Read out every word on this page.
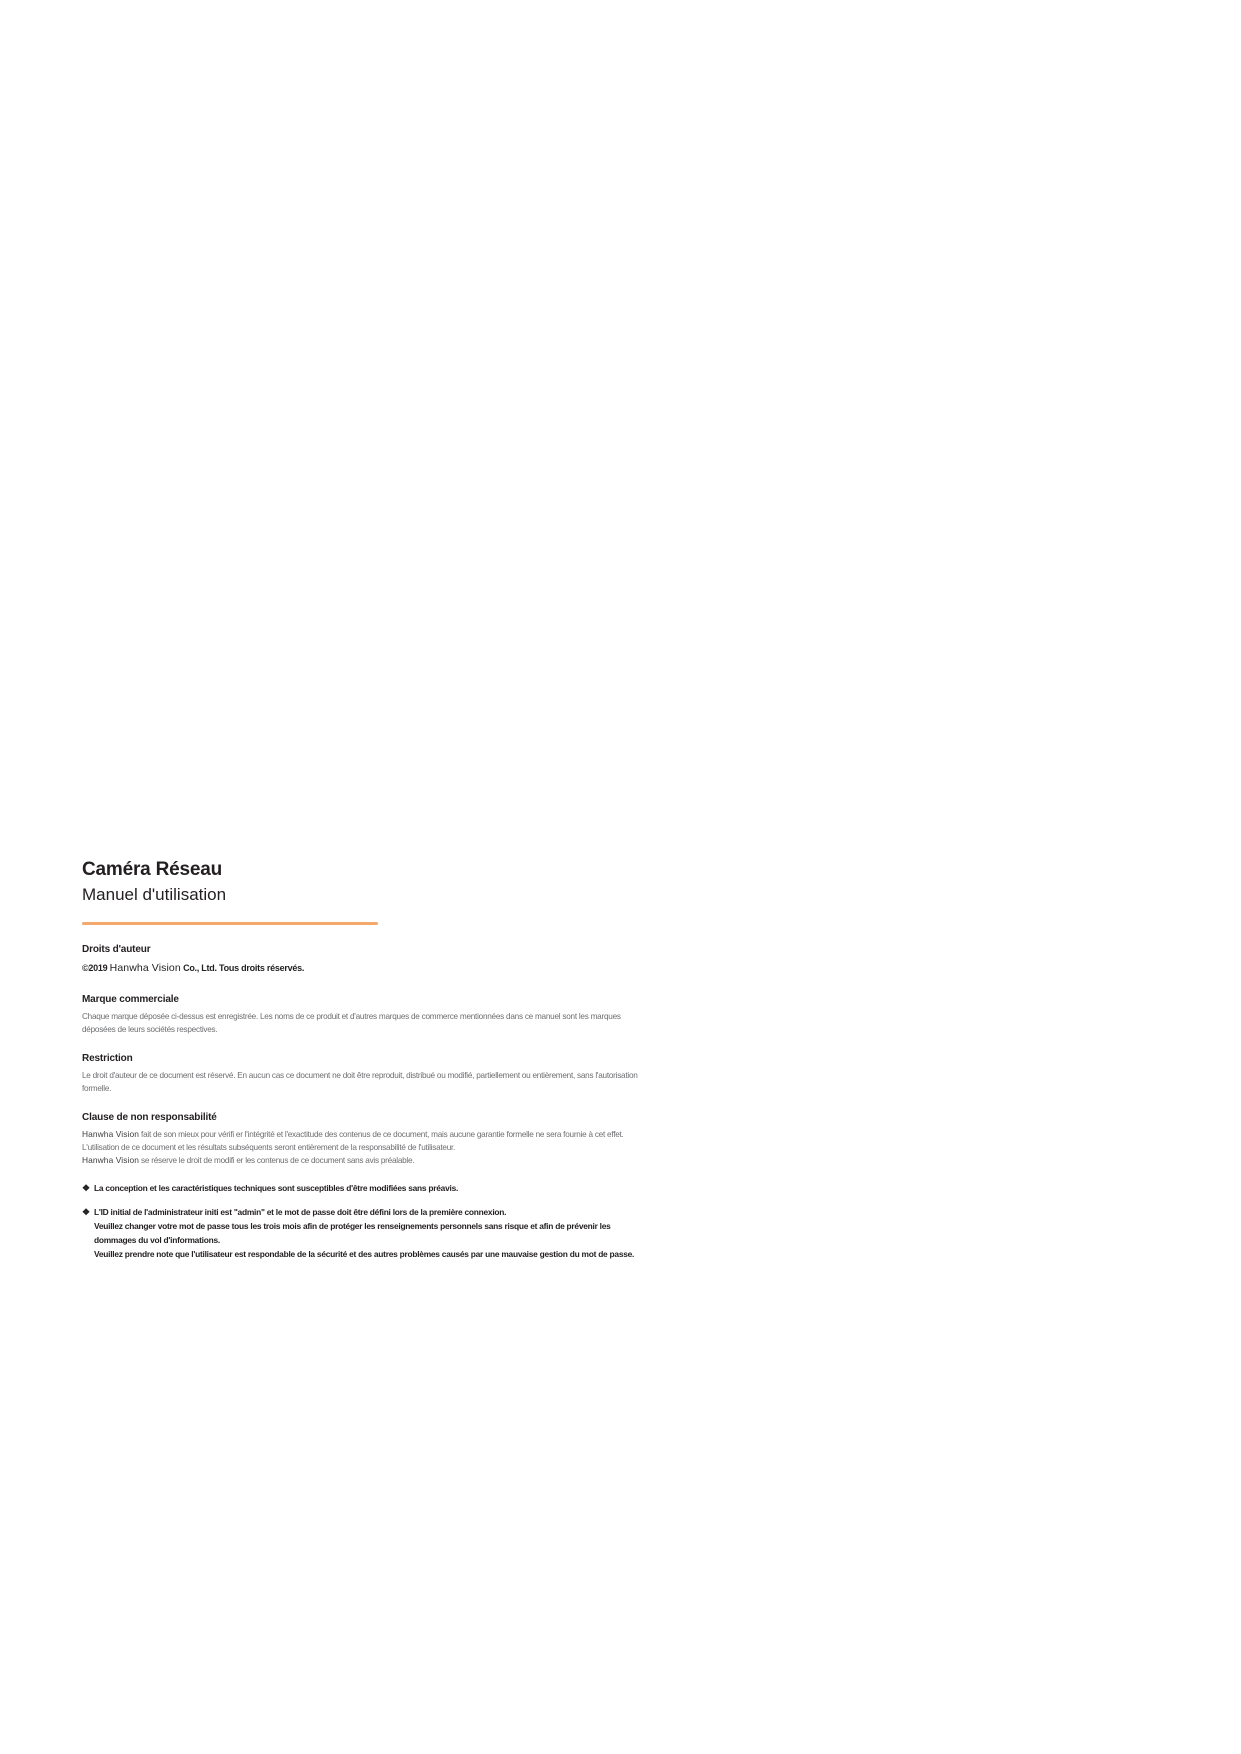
Caméra Réseau
Manuel d'utilisation

Droits d'auteur

©2019 Hanwha Vision Co., Ltd. Tous droits réservés.

Marque commerciale

Chaque marque déposée ci-dessus est enregistrée. Les noms de ce produit et d'autres marques de commerce mentionnées dans ce manuel sont les marques déposées de leurs sociétés respectives.

Restriction

Le droit d'auteur de ce document est réservé. En aucun cas ce document ne doit être reproduit, distribué ou modifié, partiellement ou entièrement, sans l'autorisation formelle.

Clause de non responsabilité

Hanwha Vision fait de son mieux pour vérifi er l'intégrité et l'exactitude des contenus de ce document, mais aucune garantie formelle ne sera fournie à cet effet. L'utilisation de ce document et les résultats subséquents seront entièrement de la responsabilité de l'utilisateur.
Hanwha Vision se réserve le droit de modifi er les contenus de ce document sans avis préalable.

❖ La conception et les caractéristiques techniques sont susceptibles d'être modifiées sans préavis.
❖ L'ID initial de l'administrateur initi est "admin" et le mot de passe doit être défini lors de la première connexion.
Veuillez changer votre mot de passe tous les trois mois afin de protéger les renseignements personnels sans risque et afin de prévenir les dommages du vol d'informations.
Veuillez prendre note que l'utilisateur est respondable de la sécurité et des autres problèmes causés par une mauvaise gestion du mot de passe.
